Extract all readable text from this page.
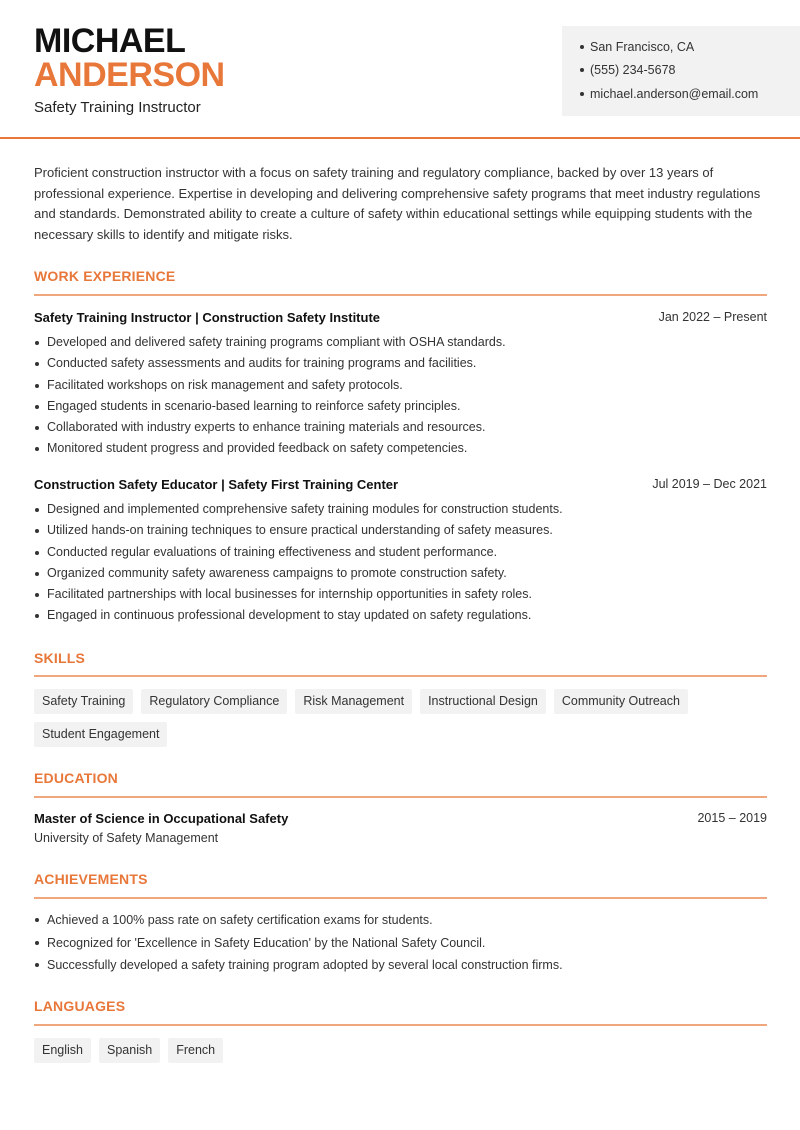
MICHAEL
ANDERSON
Safety Training Instructor
San Francisco, CA
(555) 234-5678
michael.anderson@email.com
Proficient construction instructor with a focus on safety training and regulatory compliance, backed by over 13 years of professional experience. Expertise in developing and delivering comprehensive safety programs that meet industry regulations and standards. Demonstrated ability to create a culture of safety within educational settings while equipping students with the necessary skills to identify and mitigate risks.
WORK EXPERIENCE
Safety Training Instructor | Construction Safety Institute	Jan 2022 – Present
Developed and delivered safety training programs compliant with OSHA standards.
Conducted safety assessments and audits for training programs and facilities.
Facilitated workshops on risk management and safety protocols.
Engaged students in scenario-based learning to reinforce safety principles.
Collaborated with industry experts to enhance training materials and resources.
Monitored student progress and provided feedback on safety competencies.
Construction Safety Educator | Safety First Training Center	Jul 2019 – Dec 2021
Designed and implemented comprehensive safety training modules for construction students.
Utilized hands-on training techniques to ensure practical understanding of safety measures.
Conducted regular evaluations of training effectiveness and student performance.
Organized community safety awareness campaigns to promote construction safety.
Facilitated partnerships with local businesses for internship opportunities in safety roles.
Engaged in continuous professional development to stay updated on safety regulations.
SKILLS
Safety Training	Regulatory Compliance	Risk Management	Instructional Design	Community Outreach
Student Engagement
EDUCATION
Master of Science in Occupational Safety	2015 – 2019
University of Safety Management
ACHIEVEMENTS
Achieved a 100% pass rate on safety certification exams for students.
Recognized for 'Excellence in Safety Education' by the National Safety Council.
Successfully developed a safety training program adopted by several local construction firms.
LANGUAGES
English	Spanish	French
